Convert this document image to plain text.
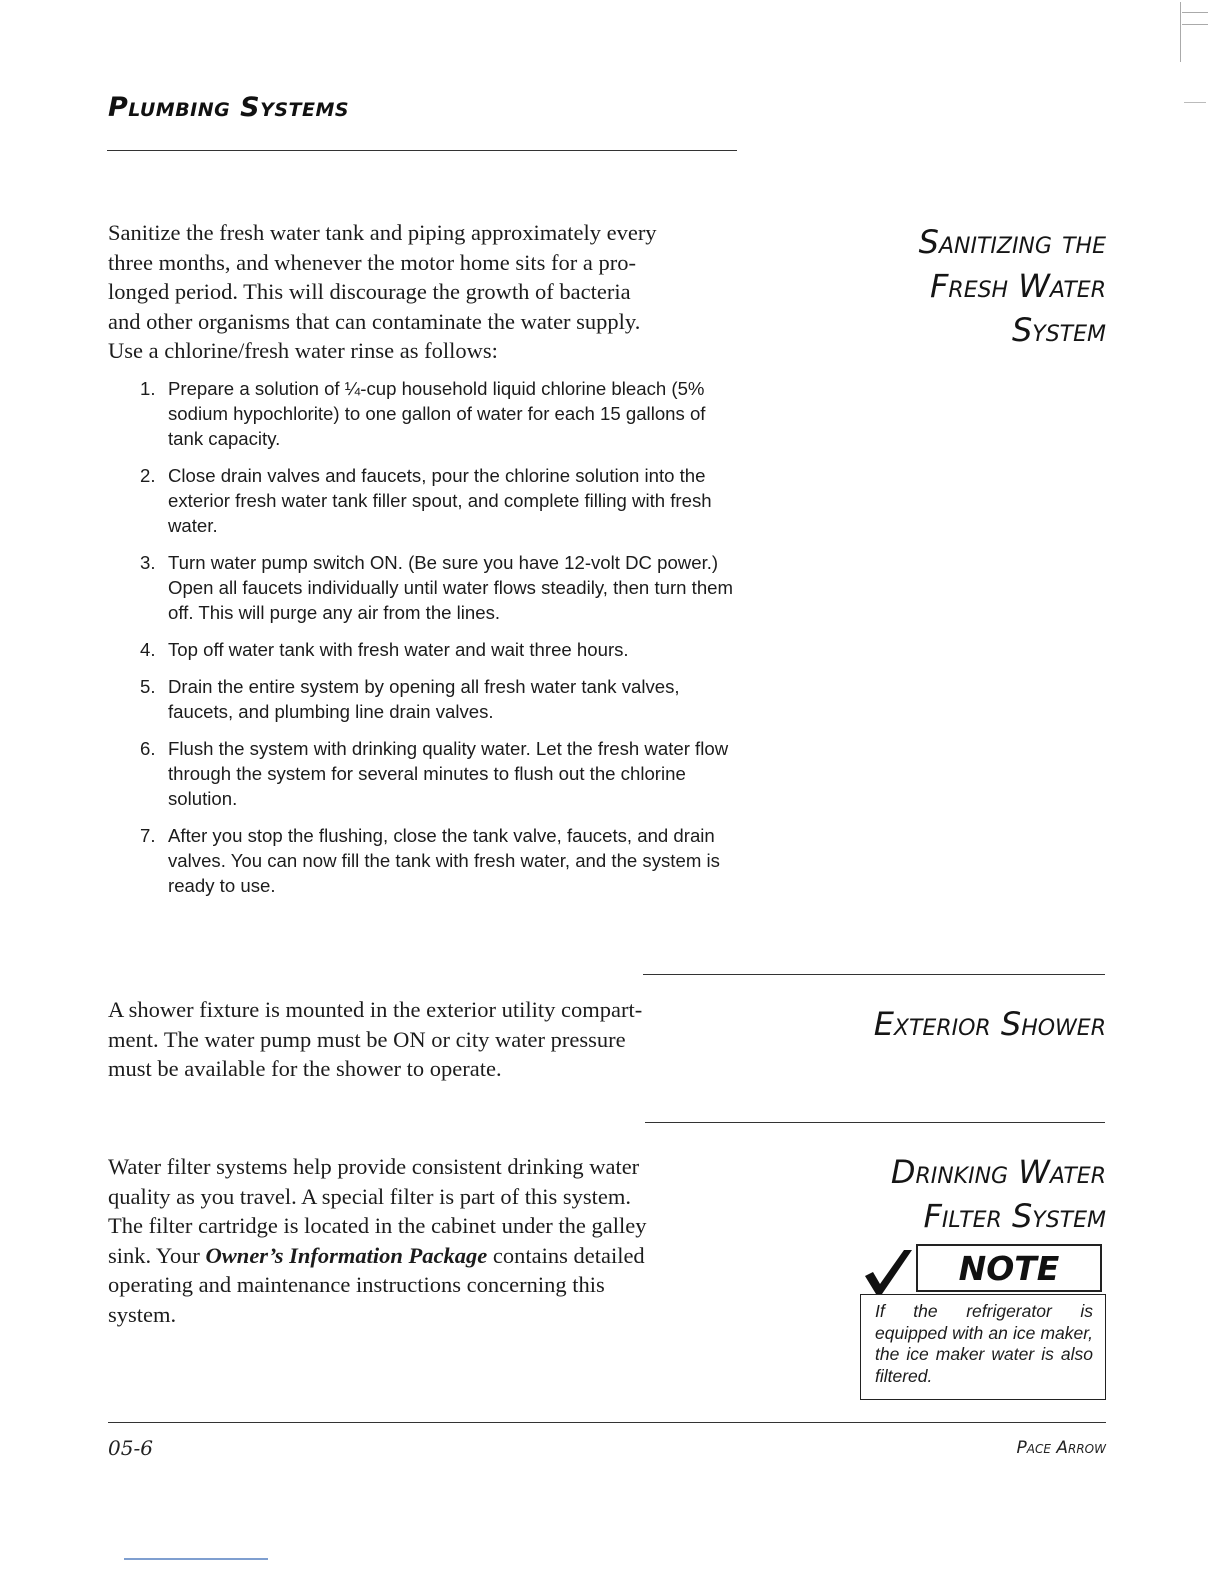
Plumbing Systems

Sanitize the fresh water tank and piping approximately every

three months, and whenever the motor home sits for a pro-

longed period. This will discourage the growth of bacteria

and other organisms that can contaminate the water supply.

Use a chlorine/fresh water rinse as follows:

Sanitizing the
Fresh Water
System
1. Prepare a solution of ¼-cup household liquid chlorine bleach (5% sodium hypochlorite) to one gallon of water for each 15 gallons of tank capacity.
2. Close drain valves and faucets, pour the chlorine solution into the exterior fresh water tank filler spout, and complete filling with fresh water.
3. Turn water pump switch ON. (Be sure you have 12-volt DC power.) Open all faucets individually until water flows steadily, then turn them off. This will purge any air from the lines.
4. Top off water tank with fresh water and wait three hours.
5. Drain the entire system by opening all fresh water tank valves, faucets, and plumbing line drain valves.
6. Flush the system with drinking quality water. Let the fresh water flow through the system for several minutes to flush out the chlorine solution.
7. After you stop the flushing, close the tank valve, faucets, and drain valves. You can now fill the tank with fresh water, and the system is ready to use.

A shower fixture is mounted in the exterior utility compart-

ment. The water pump must be ON or city water pressure

must be available for the shower to operate.

Exterior Shower

Water filter systems help provide consistent drinking water

quality as you travel. A special filter is part of this system.

The filter cartridge is located in the cabinet under the galley

sink. Your Owner’s Information Package contains detailed

operating and maintenance instructions concerning this

system.

Drinking Water
Filter System
NOTE
If the refrigerator is equipped with an ice maker, the ice maker water is also filtered.
05-6	Pace Arrow
